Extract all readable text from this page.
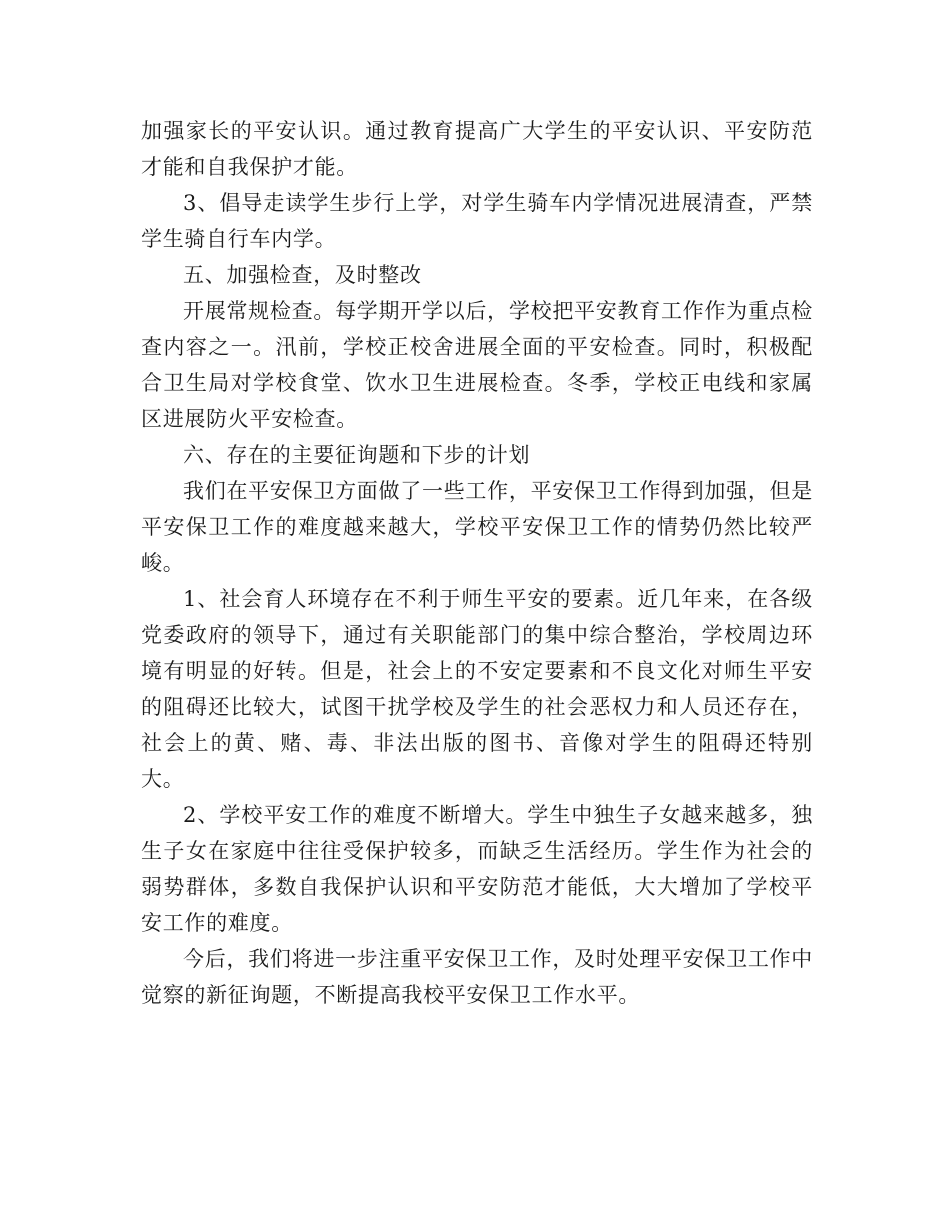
加强家长的平安认识。通过教育提高广大学生的平安认识、平安防范才能和自我保护才能。

3、倡导走读学生步行上学，对学生骑车内学情况进展清查，严禁学生骑自行车内学。

五、加强检查，及时整改

开展常规检查。每学期开学以后，学校把平安教育工作作为重点检查内容之一。汛前，学校正校舍进展全面的平安检查。同时，积极配合卫生局对学校食堂、饮水卫生进展检查。冬季，学校正电线和家属区进展防火平安检查。

六、存在的主要征询题和下步的计划

我们在平安保卫方面做了一些工作，平安保卫工作得到加强，但是平安保卫工作的难度越来越大，学校平安保卫工作的情势仍然比较严峻。

1、社会育人环境存在不利于师生平安的要素。近几年来，在各级党委政府的领导下，通过有关职能部门的集中综合整治，学校周边环境有明显的好转。但是，社会上的不安定要素和不良文化对师生平安的阻碍还比较大，试图干扰学校及学生的社会恶权力和人员还存在，社会上的黄、赌、毒、非法出版的图书、音像对学生的阻碍还特别大。

2、学校平安工作的难度不断增大。学生中独生子女越来越多，独生子女在家庭中往往受保护较多，而缺乏生活经历。学生作为社会的弱势群体，多数自我保护认识和平安防范才能低，大大增加了学校平安工作的难度。

今后，我们将进一步注重平安保卫工作，及时处理平安保卫工作中觉察的新征询题，不断提高我校平安保卫工作水平。
